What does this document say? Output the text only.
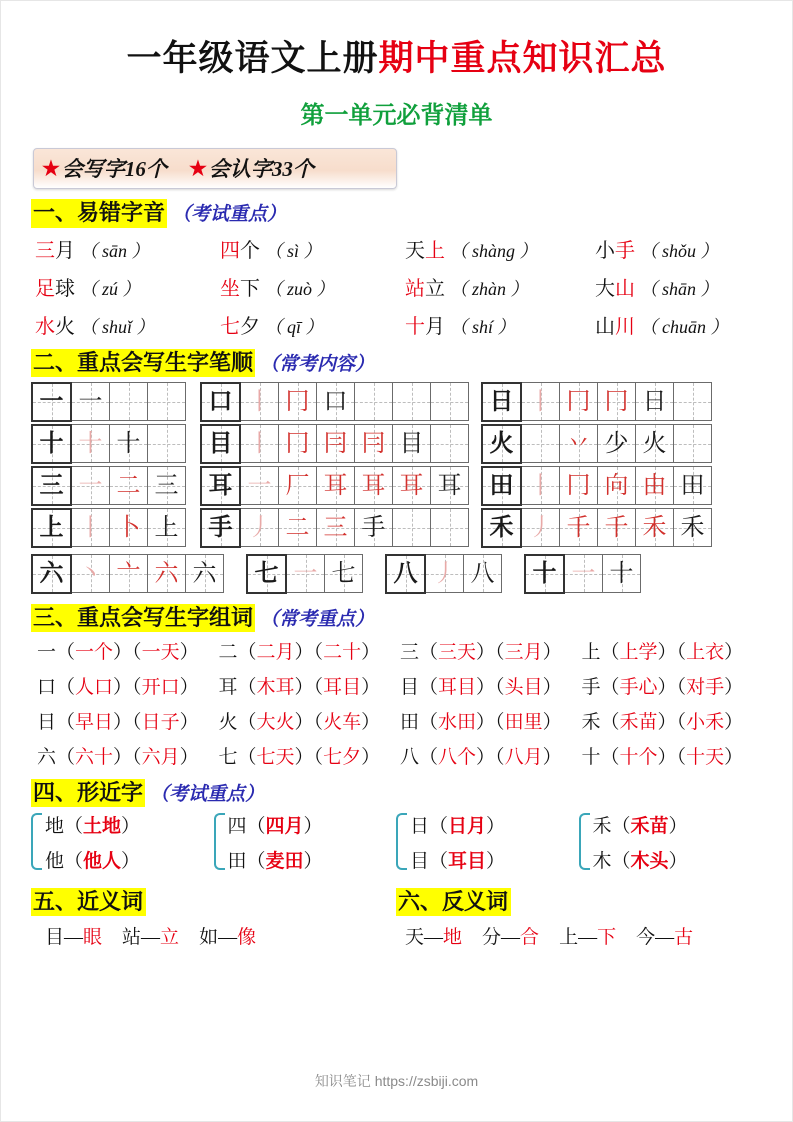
一年级语文上册期中重点知识汇总
第一单元必背清单
★ 会写字16个 ★ 会认字33个
一、易错字音 （考试重点）
三月 （ sān ）	四个 （ sì ）	天上 （ shàng ）	小手 （ shǒu ）
足球 （ zú ）	坐下 （ zuò ）	站立 （ zhàn ）	大山 （ shān ）
水火 （ shuǐ ）	七夕 （ qī ）	十月 （ shí ）	山川 （ chuān ）
二、重点会写生字笔顺 （常考内容）
一	一		
十	十	十	
三	一	二	三
上	丨	卜	上
口	丨	冂	口			
目	丨	冂	冃	冃	目	
耳	一	厂	耳	耳	耳	耳
手	丿	二	三	手		
日	丨	冂	冂	日	
火		丷	少	火	
田	丨	冂	向	由	田
禾	丿	千	千	禾	禾
六	丶	亠	六	六 七	一	七 八	丿	八 十	一	十
三、重点会写生字组词 （常考重点）
一（一个）（一天）	二（二月）（二十）	三（三天）（三月）	上（上学）（上衣）
口（人口）（开口）	耳（木耳）（耳目）	目（耳目）（头目）	手（手心）（对手）
日（早日）（日子）	火（大火）（火车）	田（水田）（田里）	禾（禾苗）（小禾）
六（六十）（六月）	七（七天）（七夕）	八（八个）（八月）	十（十个）（十天）
四、形近字 （考试重点）
地（土地）
他（他人）
四（四月）
田（麦田）
日（日月）
目（耳目）
禾（禾苗）
木（木头）
五、近义词	六、反义词
目—眼 站—立 如—像	天—地 分—合 上—下 今—古
知识笔记 https://zsbiji.com
